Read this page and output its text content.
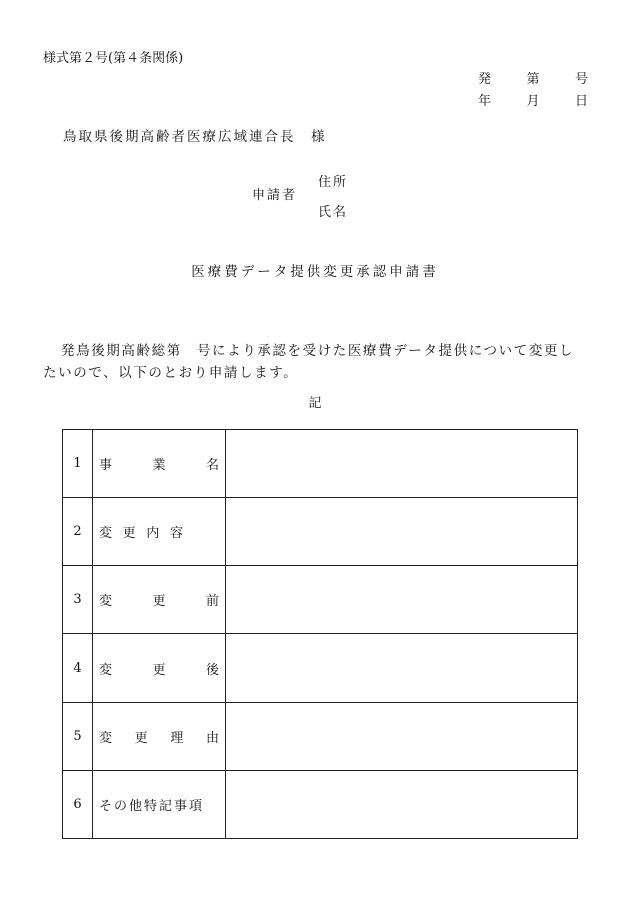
様式第２号(第４条関係)
発	第	号
年	月	日
鳥取県後期高齢者医療広域連合長　様
申請者
住所
氏名
医療費データ提供変更承認申請書
発鳥後期高齢総第　号により承認を受けた医療費データ提供について変更したいので、以下のとおり申請します。
記
1	事 業 名	

2	変 更 内 容	

3	変 更 前	

4	変 更 後	

5	変 更 理 由	

6	その他特記事項	
